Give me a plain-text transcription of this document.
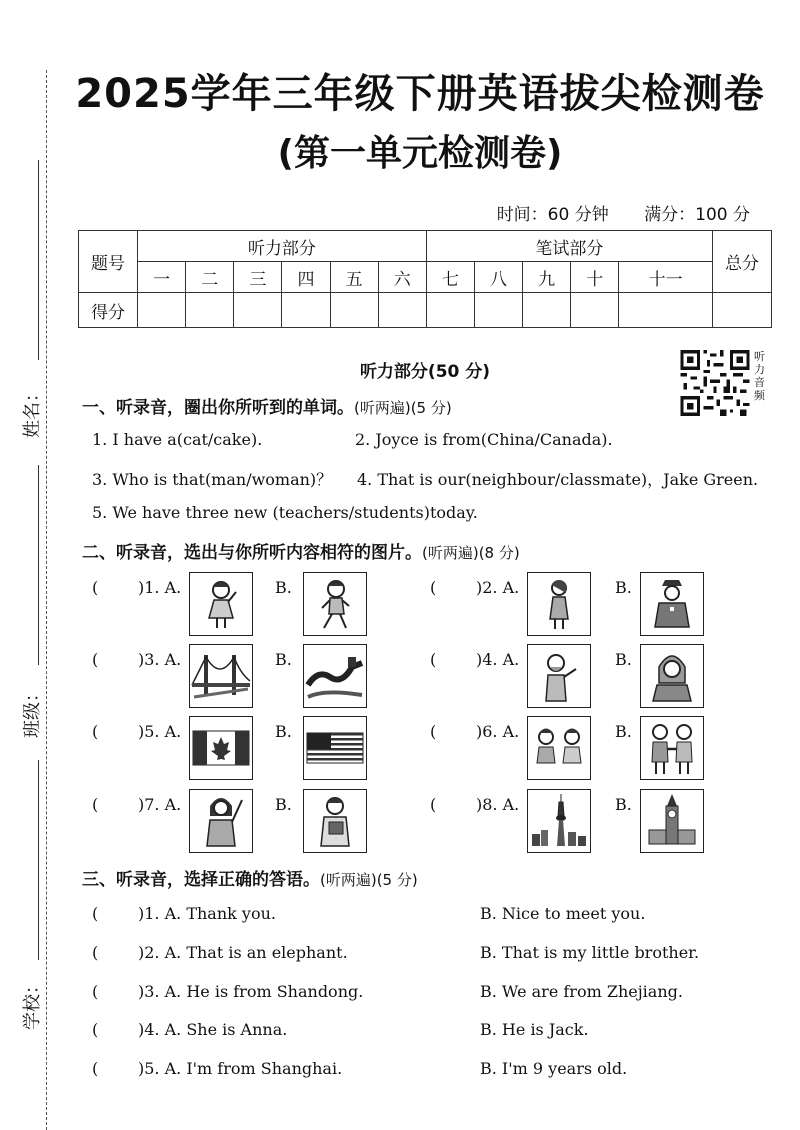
姓名：
班级：
学校：
2025学年三年级下册英语拔尖检测卷
(第一单元检测卷)
时间：60 分钟 满分：100 分
题号	听力部分						笔试部分					总分
	一	二	三	四	五	六	七	八	九	十	十一	
得分												
听力部分(50 分)
听力音频
一、听录音，圈出你所听到的单词。(听两遍)(5 分)
1. I have a(cat/cake).	2. Joyce is from(China/Canada).
3. Who is that(man/woman)？ 4. That is our(neighbour/classmate)，Jake Green.
5. We have three new (teachers/students)today.
二、听录音，选出与你所听内容相符的图片。(听两遍)(8 分)
( )1. A.	B.	( )2. A.	B.
( )3. A.	B.	( )4. A.	B.
( )5. A.	B.	( )6. A.	B.
( )7. A.	B.	( )8. A.	B.
三、听录音，选择正确的答语。(听两遍)(5 分)
( )1. A. Thank you.	B. Nice to meet you.
( )2. A. That is an elephant.	B. That is my little brother.
( )3. A. He is from Shandong.	B. We are from Zhejiang.
( )4. A. She is Anna.	B. He is Jack.
( )5. A. I'm from Shanghai.	B. I'm 9 years old.
